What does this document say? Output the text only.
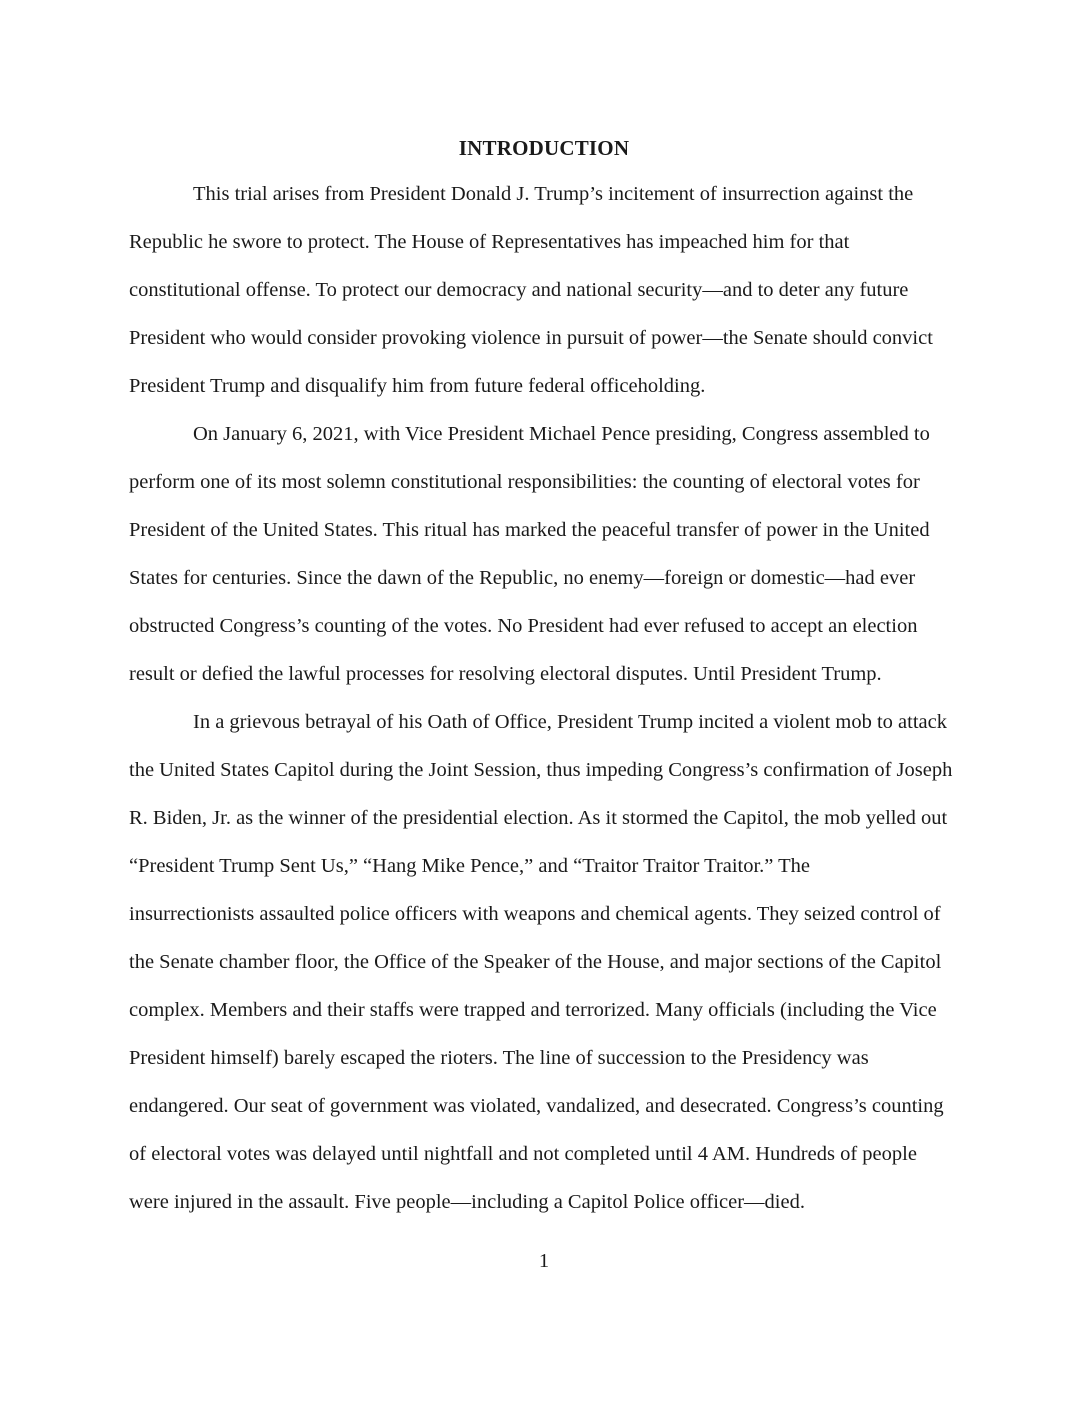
INTRODUCTION
This trial arises from President Donald J. Trump’s incitement of insurrection against the
Republic he swore to protect. The House of Representatives has impeached him for that
constitutional offense. To protect our democracy and national security—and to deter any future
President who would consider provoking violence in pursuit of power—the Senate should convict
President Trump and disqualify him from future federal officeholding.
On January 6, 2021, with Vice President Michael Pence presiding, Congress assembled to
perform one of its most solemn constitutional responsibilities: the counting of electoral votes for
President of the United States. This ritual has marked the peaceful transfer of power in the United
States for centuries. Since the dawn of the Republic, no enemy—foreign or domestic—had ever
obstructed Congress’s counting of the votes. No President had ever refused to accept an election
result or defied the lawful processes for resolving electoral disputes. Until President Trump.
In a grievous betrayal of his Oath of Office, President Trump incited a violent mob to attack
the United States Capitol during the Joint Session, thus impeding Congress’s confirmation of Joseph
R. Biden, Jr. as the winner of the presidential election. As it stormed the Capitol, the mob yelled out
“President Trump Sent Us,” “Hang Mike Pence,” and “Traitor Traitor Traitor.” The
insurrectionists assaulted police officers with weapons and chemical agents. They seized control of
the Senate chamber floor, the Office of the Speaker of the House, and major sections of the Capitol
complex. Members and their staffs were trapped and terrorized. Many officials (including the Vice
President himself) barely escaped the rioters. The line of succession to the Presidency was
endangered. Our seat of government was violated, vandalized, and desecrated. Congress’s counting
of electoral votes was delayed until nightfall and not completed until 4 AM. Hundreds of people
were injured in the assault. Five people—including a Capitol Police officer—died.
1
